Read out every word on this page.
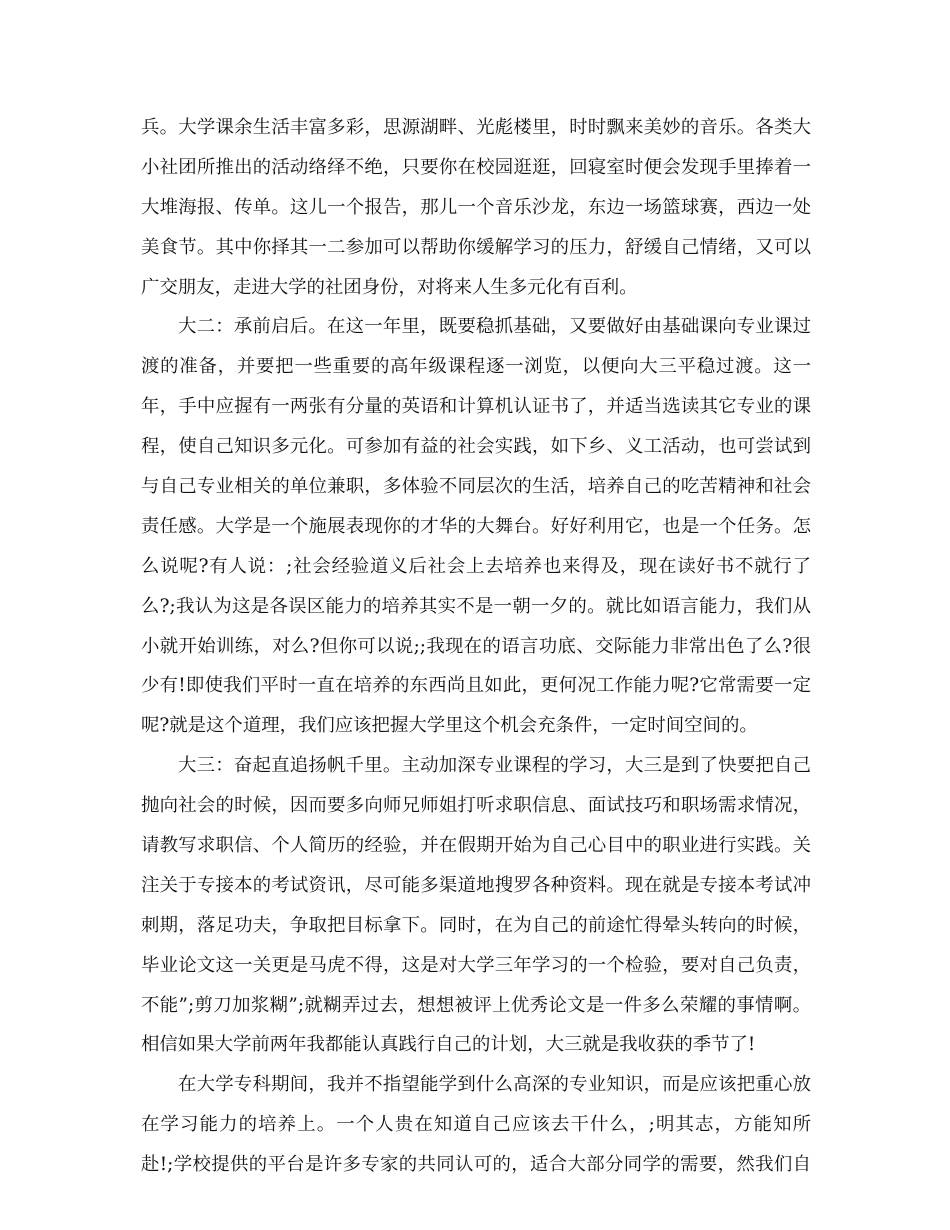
兵。大学课余生活丰富多彩，思源湖畔、光彪楼里，时时飘来美妙的音乐。各类大
小社团所推出的活动络绎不绝，只要你在校园逛逛，回寝室时便会发现手里捧着一
大堆海报、传单。这儿一个报告，那儿一个音乐沙龙，东边一场篮球赛，西边一处
美食节。其中你择其一二参加可以帮助你缓解学习的压力，舒缓自己情绪，又可以
广交朋友，走进大学的社团身份，对将来人生多元化有百利。
大二：承前启后。在这一年里，既要稳抓基础，又要做好由基础课向专业课过
渡的准备，并要把一些重要的高年级课程逐一浏览，以便向大三平稳过渡。这一
年，手中应握有一两张有分量的英语和计算机认证书了，并适当选读其它专业的课
程，使自己知识多元化。可参加有益的社会实践，如下乡、义工活动，也可尝试到
与自己专业相关的单位兼职，多体验不同层次的生活，培养自己的吃苦精神和社会
责任感。大学是一个施展表现你的才华的大舞台。好好利用它，也是一个任务。怎
么说呢?有人说：;社会经验道义后社会上去培养也来得及，现在读好书不就行了
么?;我认为这是各误区能力的培养其实不是一朝一夕的。就比如语言能力，我们从
小就开始训练，对么?但你可以说;;我现在的语言功底、交际能力非常出色了么?很
少有!即使我们平时一直在培养的东西尚且如此，更何况工作能力呢?它常需要一定
呢?就是这个道理，我们应该把握大学里这个机会充条件，一定时间空间的。
大三：奋起直追扬帆千里。主动加深专业课程的学习，大三是到了快要把自己
抛向社会的时候，因而要多向师兄师姐打听求职信息、面试技巧和职场需求情况，
请教写求职信、个人简历的经验，并在假期开始为自己心目中的职业进行实践。关
注关于专接本的考试资讯，尽可能多渠道地搜罗各种资料。现在就是专接本考试冲
刺期，落足功夫，争取把目标拿下。同时，在为自己的前途忙得晕头转向的时候，
毕业论文这一关更是马虎不得，这是对大学三年学习的一个检验，要对自己负责，
不能”;剪刀加浆糊”;就糊弄过去，想想被评上优秀论文是一件多么荣耀的事情啊。
相信如果大学前两年我都能认真践行自己的计划，大三就是我收获的季节了!
在大学专科期间，我并不指望能学到什么高深的专业知识，而是应该把重心放
在学习能力的培养上。一个人贵在知道自己应该去干什么，;明其志，方能知所
赴!;学校提供的平台是许多专家的共同认可的，适合大部分同学的需要，然我们自
